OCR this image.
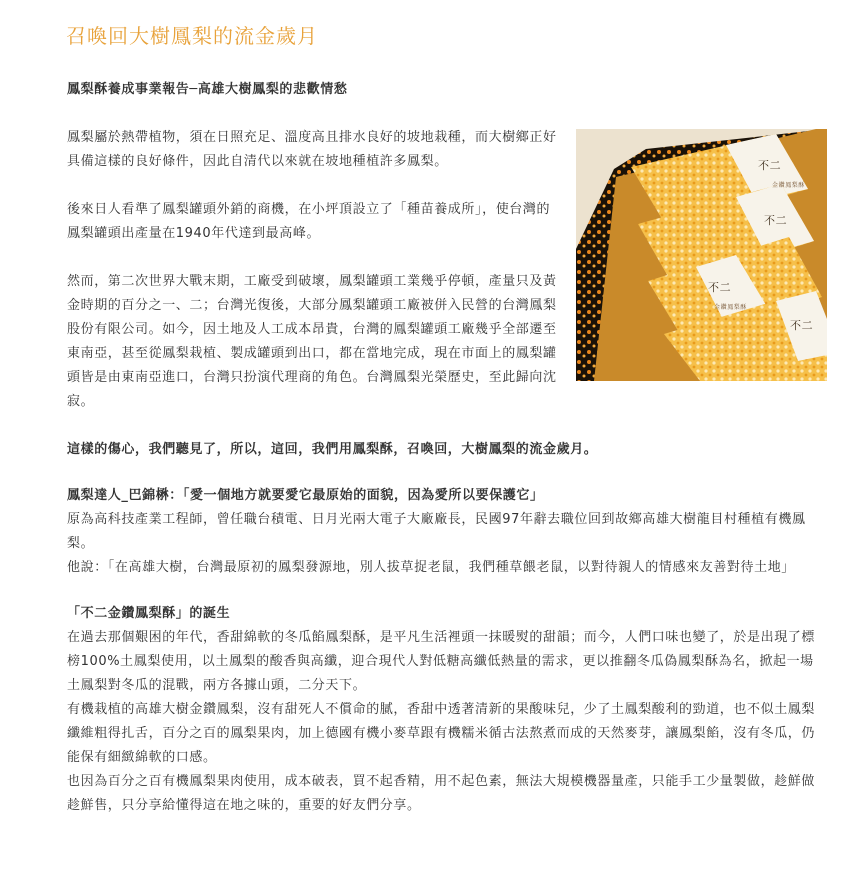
召喚回大樹鳳梨的流金歲月

鳳梨酥養成事業報告─高雄大樹鳳梨的悲歡情愁

不二
不二
不二
不二
金鑽鳳梨酥
金鑽鳳梨酥

鳳梨屬於熱帶植物，須在日照充足、溫度高且排水良好的坡地栽種，而大樹鄉正好具備這樣的良好條件，因此自清代以來就在坡地種植許多鳳梨。

後來日人看準了鳳梨罐頭外銷的商機，在小坪頂設立了「種苗養成所」，使台灣的鳳梨罐頭出產量在1940年代達到最高峰。

然而，第二次世界大戰末期，工廠受到破壞，鳳梨罐頭工業幾乎停頓，產量只及黃金時期的百分之一、二；台灣光復後，大部分鳳梨罐頭工廠被併入民營的台灣鳳梨股份有限公司。如今，因土地及人工成本昂貴，台灣的鳳梨罐頭工廠幾乎全部遷至東南亞，甚至從鳳梨栽植、製成罐頭到出口，都在當地完成，現在市面上的鳳梨罐頭皆是由東南亞進口，台灣只扮演代理商的角色。台灣鳳梨光榮歷史，至此歸向沈寂。

這樣的傷心，我們聽見了，所以，這回，我們用鳳梨酥，召喚回，大樹鳳梨的流金歲月。

鳳梨達人_巴錦楙：「愛一個地方就要愛它最原始的面貌，因為愛所以要保護它」

原為高科技產業工程師，曾任職台積電、日月光兩大電子大廠廠長，民國97年辭去職位回到故鄉高雄大樹龍目村種植有機鳳梨。

他說：「在高雄大樹，台灣最原初的鳳梨發源地，別人拔草捉老鼠，我們種草餵老鼠，以對待親人的情感來友善對待土地」

「不二金鑽鳳梨酥」的誕生

在過去那個艱困的年代，香甜綿軟的冬瓜餡鳳梨酥，是平凡生活裡頭一抹暖熨的甜韻；而今，人們口味也變了，於是出現了標榜100%土鳳梨使用，以土鳳梨的酸香與高纖，迎合現代人對低糖高纖低熱量的需求，更以推翻冬瓜偽鳳梨酥為名，掀起一場土鳳梨對冬瓜的混戰，兩方各據山頭，二分天下。

有機栽植的高雄大樹金鑽鳳梨，沒有甜死人不償命的膩，香甜中透著清新的果酸味兒，少了土鳳梨酸利的勁道，也不似土鳳梨纖維粗得扎舌，百分之百的鳳梨果肉，加上德國有機小麥草跟有機糯米循古法熬煮而成的天然麥芽，讓鳳梨餡，沒有冬瓜，仍能保有細緻綿軟的口感。

也因為百分之百有機鳳梨果肉使用，成本破表，買不起香精，用不起色素，無法大規模機器量產，只能手工少量製做，趁鮮做趁鮮售，只分享給懂得這在地之味的，重要的好友們分享。
